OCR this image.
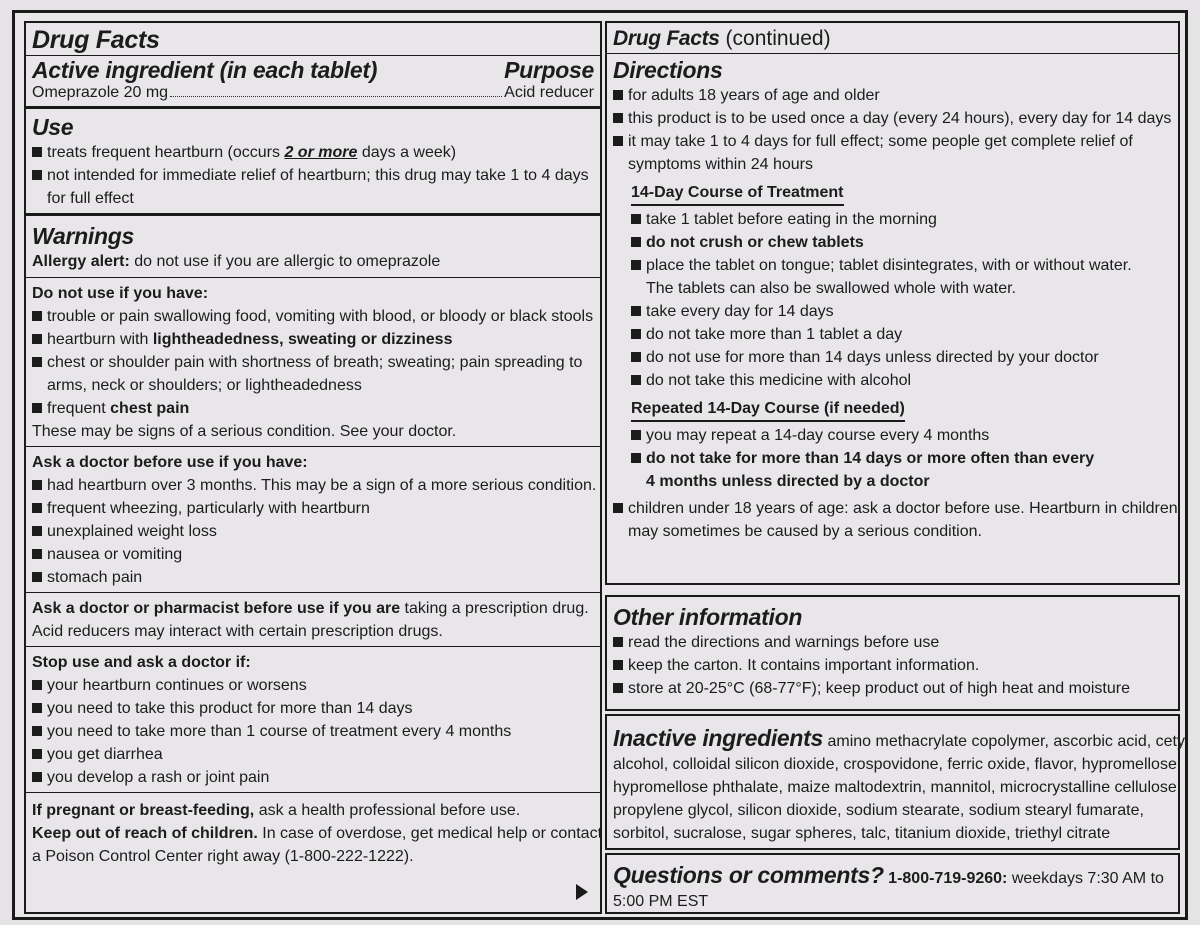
Drug Facts
Active ingredient (in each tablet)	Purpose
Omeprazole 20 mg	Acid reducer
Use
treats frequent heartburn (occurs 2 or more days a week)
not intended for immediate relief of heartburn; this drug may take 1 to 4 days
for full effect
Warnings
Allergy alert: do not use if you are allergic to omeprazole
Do not use if you have:
trouble or pain swallowing food, vomiting with blood, or bloody or black stools
heartburn with lightheadedness, sweating or dizziness
chest or shoulder pain with shortness of breath; sweating; pain spreading to
arms, neck or shoulders; or lightheadedness
frequent chest pain
These may be signs of a serious condition. See your doctor.
Ask a doctor before use if you have:
had heartburn over 3 months. This may be a sign of a more serious condition.
frequent wheezing, particularly with heartburn
unexplained weight loss
nausea or vomiting
stomach pain
Ask a doctor or pharmacist before use if you are taking a prescription drug.
Acid reducers may interact with certain prescription drugs.
Stop use and ask a doctor if:
your heartburn continues or worsens
you need to take this product for more than 14 days
you need to take more than 1 course of treatment every 4 months
you get diarrhea
you develop a rash or joint pain
If pregnant or breast-feeding, ask a health professional before use.
Keep out of reach of children. In case of overdose, get medical help or contact
a Poison Control Center right away (1-800-222-1222).
Drug Facts (continued)
Directions
for adults 18 years of age and older
this product is to be used once a day (every 24 hours), every day for 14 days
it may take 1 to 4 days for full effect; some people get complete relief of
symptoms within 24 hours
14-Day Course of Treatment
take 1 tablet before eating in the morning
do not crush or chew tablets
place the tablet on tongue; tablet disintegrates, with or without water.
The tablets can also be swallowed whole with water.
take every day for 14 days
do not take more than 1 tablet a day
do not use for more than 14 days unless directed by your doctor
do not take this medicine with alcohol
Repeated 14-Day Course (if needed)
you may repeat a 14-day course every 4 months
do not take for more than 14 days or more often than every
4 months unless directed by a doctor
children under 18 years of age: ask a doctor before use. Heartburn in children
may sometimes be caused by a serious condition.
Other information
read the directions and warnings before use
keep the carton. It contains important information.
store at 20-25°C (68-77°F); keep product out of high heat and moisture
Inactive ingredients amino methacrylate copolymer, ascorbic acid, cetyl
alcohol, colloidal silicon dioxide, crospovidone, ferric oxide, flavor, hypromellose,
hypromellose phthalate, maize maltodextrin, mannitol, microcrystalline cellulose,
propylene glycol, silicon dioxide, sodium stearate, sodium stearyl fumarate,
sorbitol, sucralose, sugar spheres, talc, titanium dioxide, triethyl citrate
Questions or comments? 1-800-719-9260: weekdays 7:30 AM to
5:00 PM EST
